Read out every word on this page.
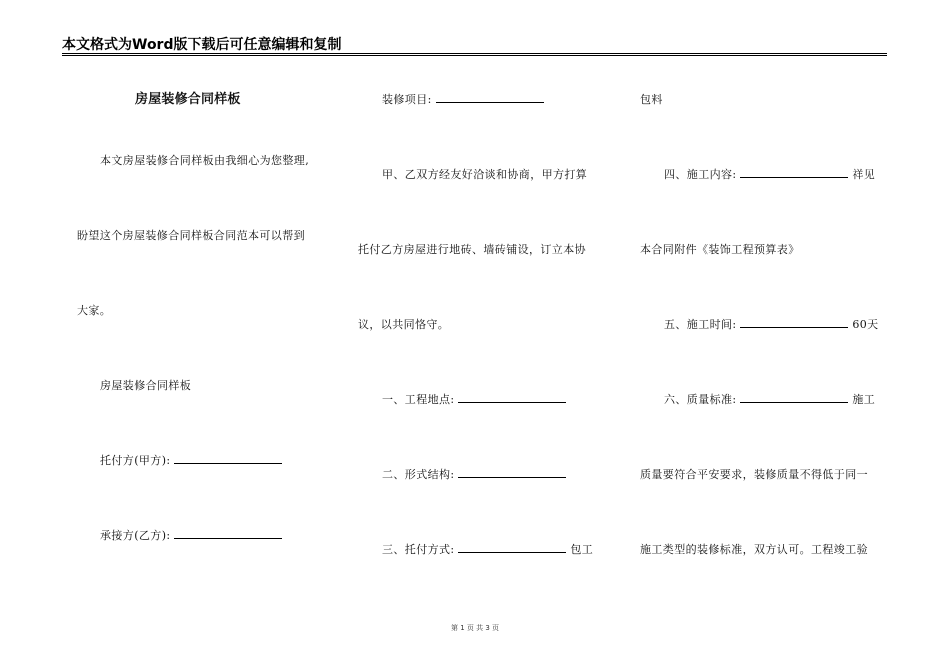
本文格式为Word版下载后可任意编辑和复制
房屋装修合同样板
本文房屋装修合同样板由我细心为您整理,
盼望这个房屋装修合同样板合同范本可以帮到
大家。
房屋装修合同样板
托付方(甲方):
承接方(乙方):
装修项目:
甲、乙双方经友好洽谈和协商，甲方打算
托付乙方房屋进行地砖、墙砖铺设，订立本协
议，以共同恪守。
一、工程地点:
二、形式结构:
三、托付方式:	包工
包料
四、施工内容:	祥见
本合同附件《装饰工程预算表》
五、施工时间:	60天
六、质量标准:	施工
质量要符合平安要求，装修质量不得低于同一
施工类型的装修标准，双方认可。工程竣工验
第 1 页 共 3 页
